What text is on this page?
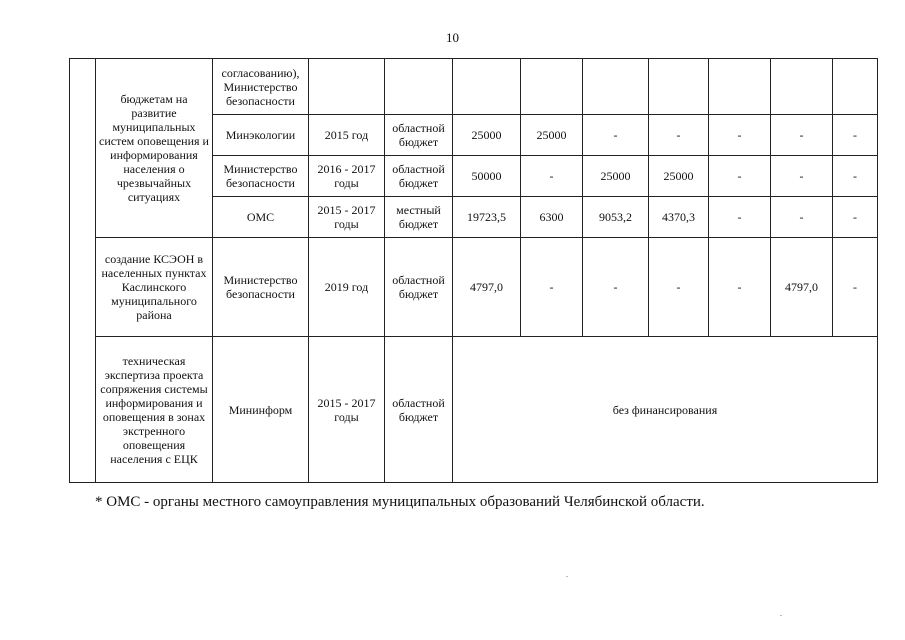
10
	бюджетам на развитие муниципальных систем оповещения и информирования населения о чрезвычайных ситуациях	согласованию), Министерство безопасности									
		Минэкологии	2015 год	областной бюджет	25000	25000	-	-	-	-	-
		Министерство безопасности	2016 - 2017 годы	областной бюджет	50000	-	25000	25000	-	-	-
		ОМС	2015 - 2017 годы	местный бюджет	19723,5	6300	9053,2	4370,3	-	-	-
	создание КСЭОН в населенных пунктах Каслинского муниципального района	Министерство безопасности	2019 год	областной бюджет	4797,0	-	-	-	-	4797,0	-
	техническая экспертиза проекта сопряжения системы информирования и оповещения в зонах экстренного оповещения населения с ЕЦК	Мининформ	2015 - 2017 годы	областной бюджет	без финансирования						
* ОМС - органы местного самоуправления муниципальных образований Челябинской области.
